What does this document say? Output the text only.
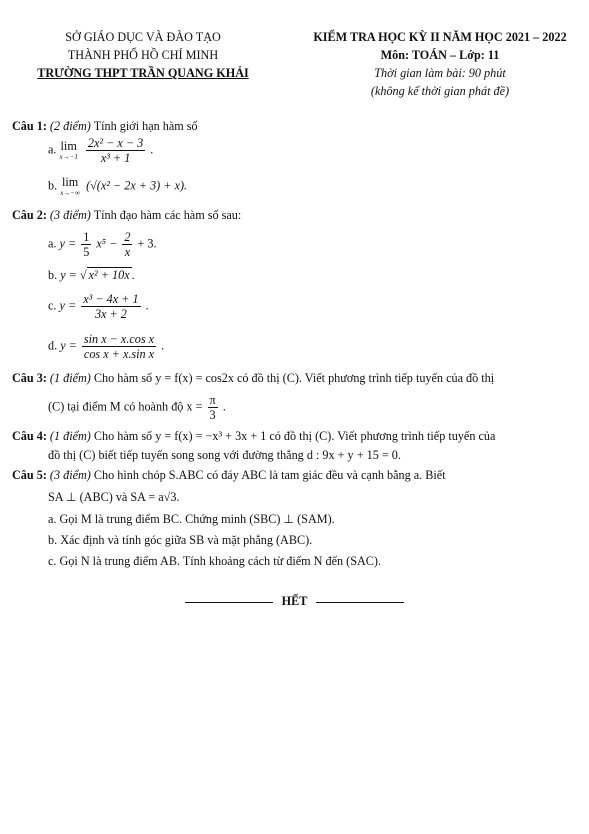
SỞ GIÁO DỤC VÀ ĐÀO TẠO
THÀNH PHỐ HỒ CHÍ MINH
TRƯỜNG THPT TRẦN QUANG KHẢI
KIỂM TRA HỌC KỲ II NĂM HỌC 2021 – 2022
Môn: TOÁN – Lớp: 11
Thời gian làm bài: 90 phút
(không kể thời gian phát đề)
Câu 1: (2 điểm) Tính giới hạn hàm số
a. lim
x→−1
$\frac{\text{2x² − x − 3}}{\text{x³ + 1}}$ .
b. lim
x→−∞
(√(x² − 2x + 3) + x).
Câu 2: (3 điểm) Tính đạo hàm các hàm số sau:
a. $y = \frac{1}{5} x^5 - \frac{2}{x} + 3$.
b. y = √ x² + 10x .
c. $y = \frac{\text{x³ − 4x + 1}}{3x + 2}$ .
d. $y = \frac{\text{sin x − x.cos x}}{\text{cos x + x.sin x}}$ .
Câu 3: (1 điểm) Cho hàm số y = f(x) = cos2x có đồ thị (C). Viết phương trình tiếp tuyến của đồ thị
(C) tại điểm M có hoành độ $x = \frac{\pi}{3}$ .
Câu 4: (1 điểm) Cho hàm số y = f(x) = −x³ + 3x + 1 có đồ thị (C). Viết phương trình tiếp tuyến của
đồ thị (C) biết tiếp tuyến song song với đường thẳng d : 9x + y + 15 = 0.
Câu 5: (3 điểm) Cho hình chóp S.ABC có đáy ABC là tam giác đều và cạnh bằng a. Biết
SA ⊥ (ABC) và SA = a√3.
a. Gọi M là trung điểm BC. Chứng minh (SBC) ⊥ (SAM).
b. Xác định và tính góc giữa SB và mặt phẳng (ABC).
c. Gọi N là trung điểm AB. Tính khoảng cách từ điểm N đến (SAC).
HẾT
